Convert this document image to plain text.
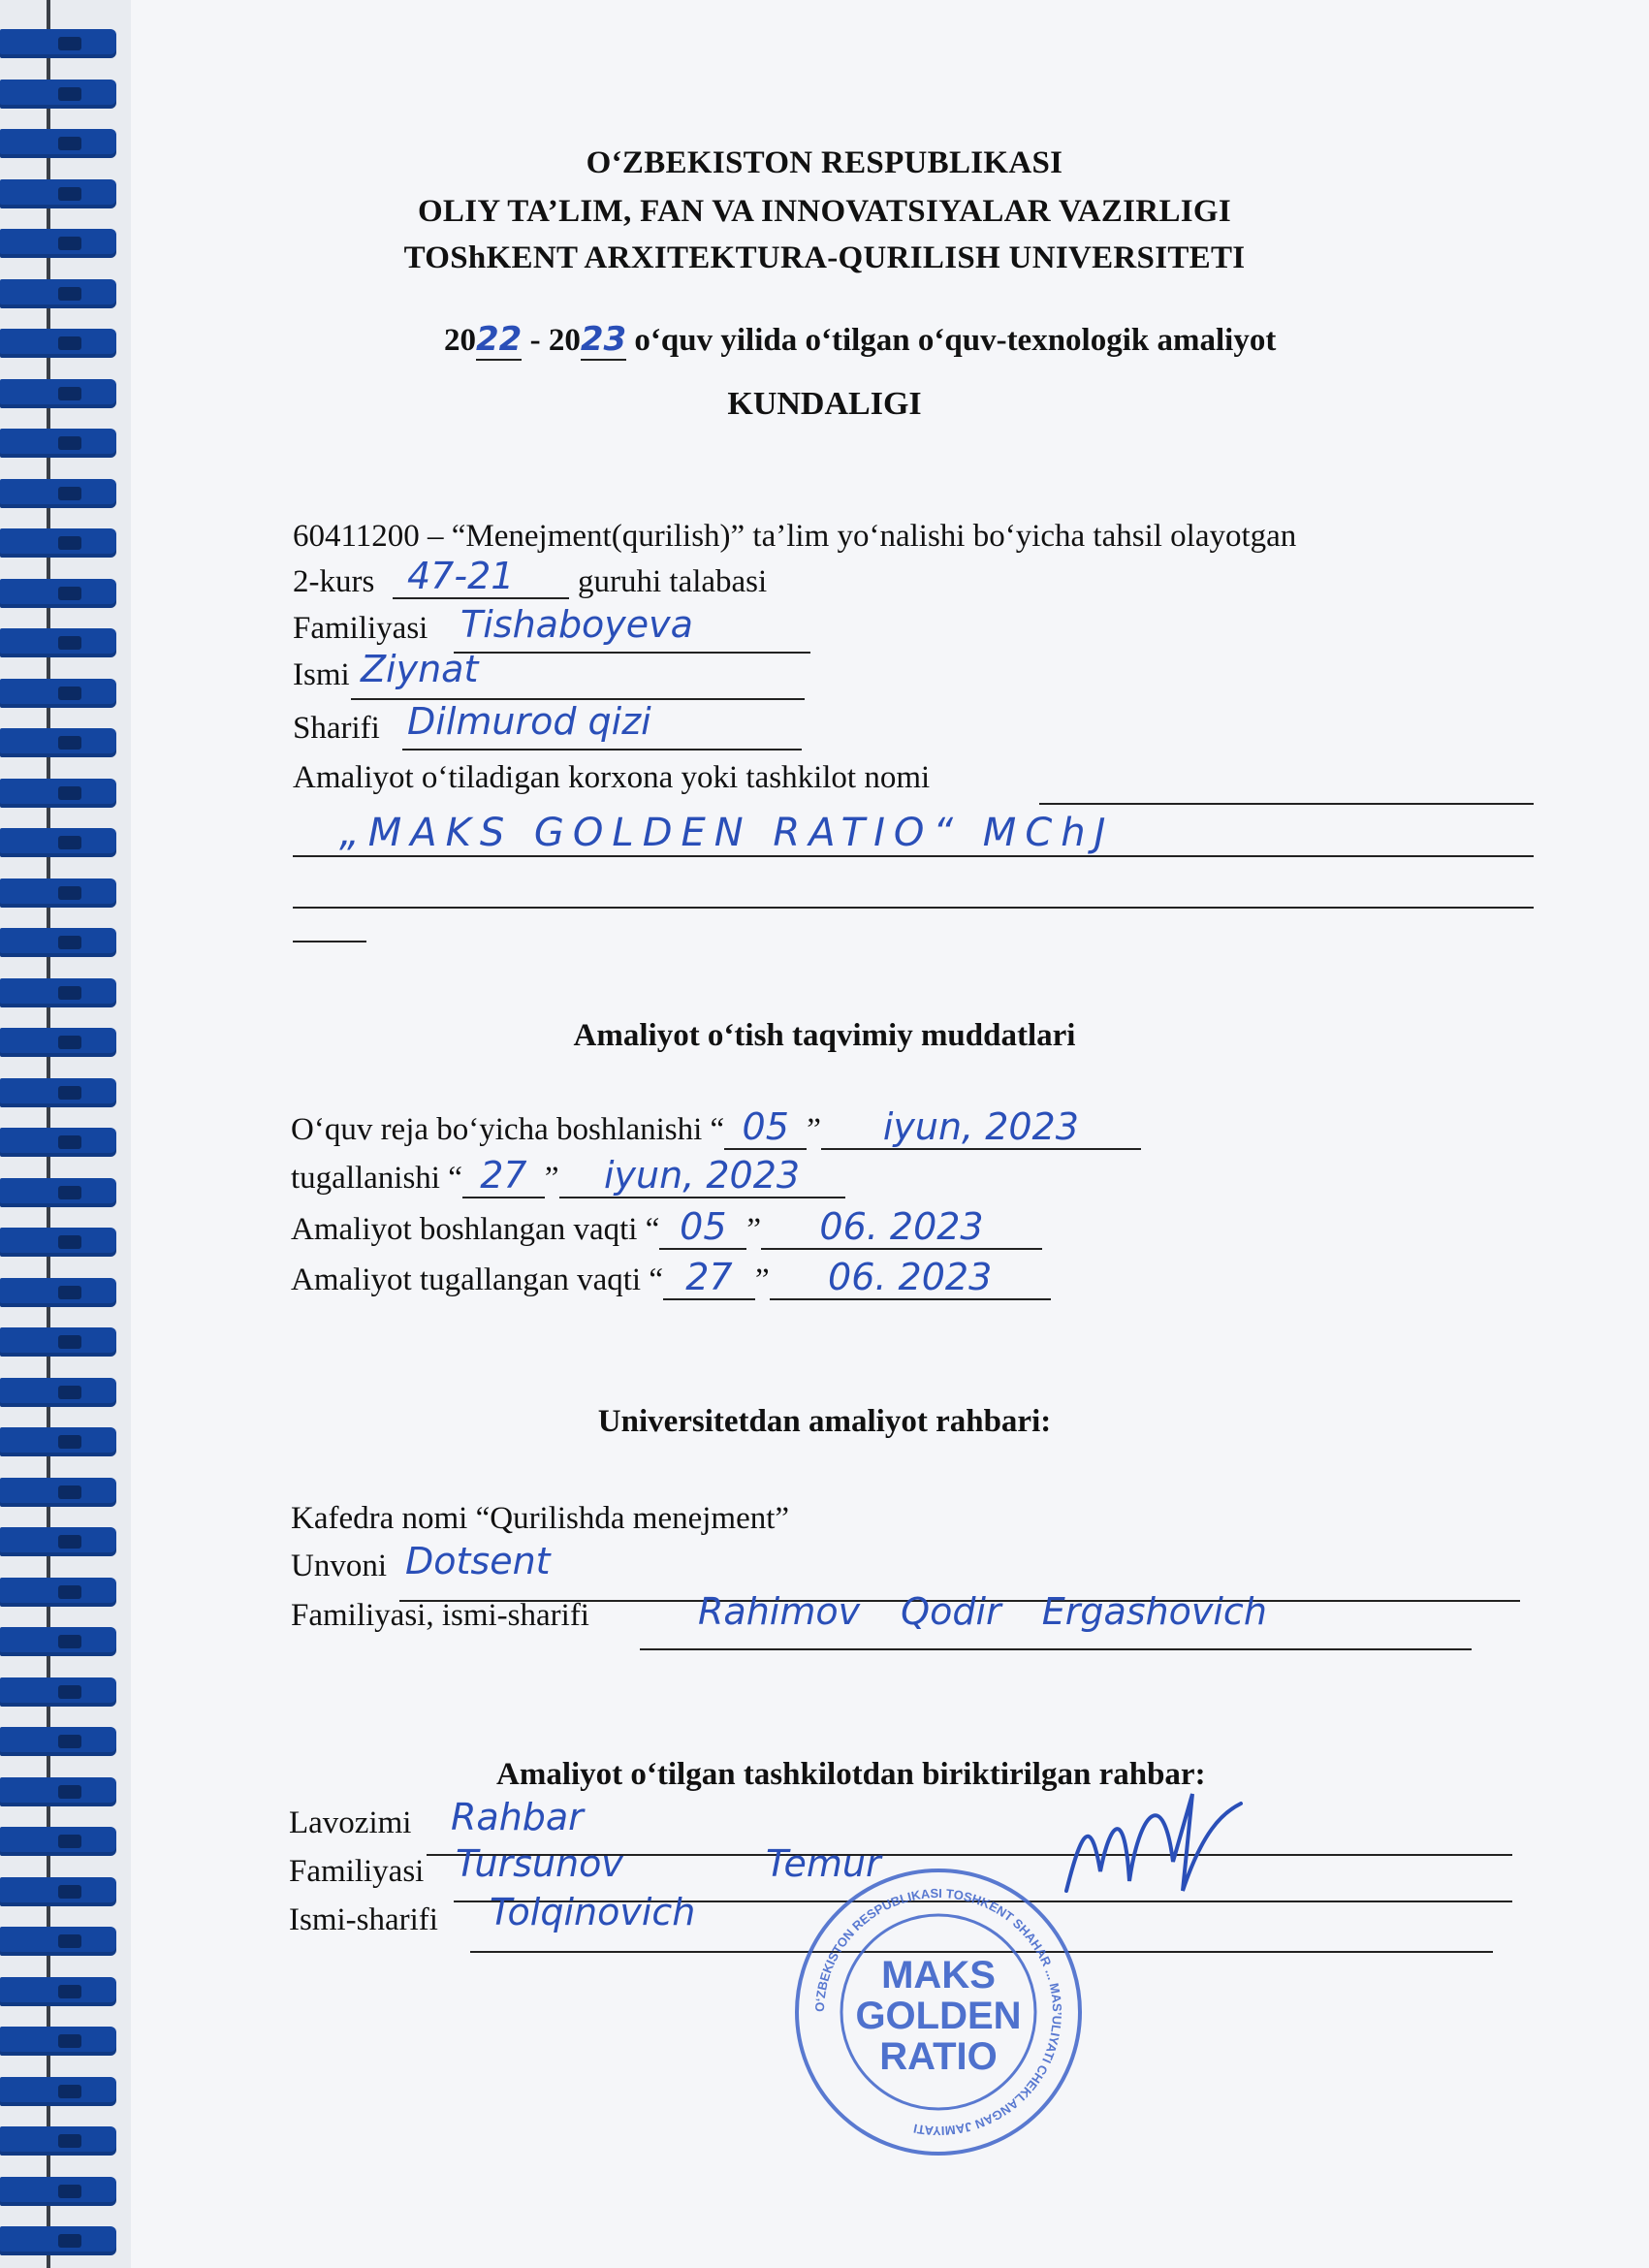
O‘ZBEKISTON RESPUBLIKASI
OLIY TA’LIM, FAN VA INNOVATSIYALAR VAZIRLIGI
TOShKENT ARXITEKTURA-QURILISH UNIVERSITETI
2022 - 2023 o‘quv yilida o‘tilgan o‘quv-texnologik amaliyot
KUNDALIGI
60411200 – “Menejment(qurilish)” ta’lim yo‘nalishi bo‘yicha tahsil olayotgan
2-kurs 47-21 guruhi talabasi
Familiyasi Tishaboyeva
Ismi Ziynat
Sharifi Dilmurod qizi
Amaliyot o‘tiladigan korxona yoki tashkilot nomi
„MAKS GOLDEN RATIO“ MChJ
Amaliyot o‘tish taqvimiy muddatlari
O‘quv reja bo‘yicha boshlanishi “ 05 ” iyun, 2023
tugallanishi “ 27 ” iyun, 2023
Amaliyot boshlangan vaqti “ 05 ” 06. 2023
Amaliyot tugallangan vaqti “ 27 ” 06. 2023
Universitetdan amaliyot rahbari:
Kafedra nomi “Qurilishda menejment”
Unvoni Dotsent
Familiyasi, ismi-sharifi	Rahimov Qodir Ergashovich
Amaliyot o‘tilgan tashkilotdan biriktirilgan rahbar:
Lavozimi Rahbar
Familiyasi Tursunov	Temur
Ismi-sharifi Tolqinovich
O‘ZBEKISTON RESPUBLIKASI TOSHKENT SHAHAR ... MAS’ULIYATI CHEKLANGAN JAMIYATI
MAKS
GOLDEN
RATIO
